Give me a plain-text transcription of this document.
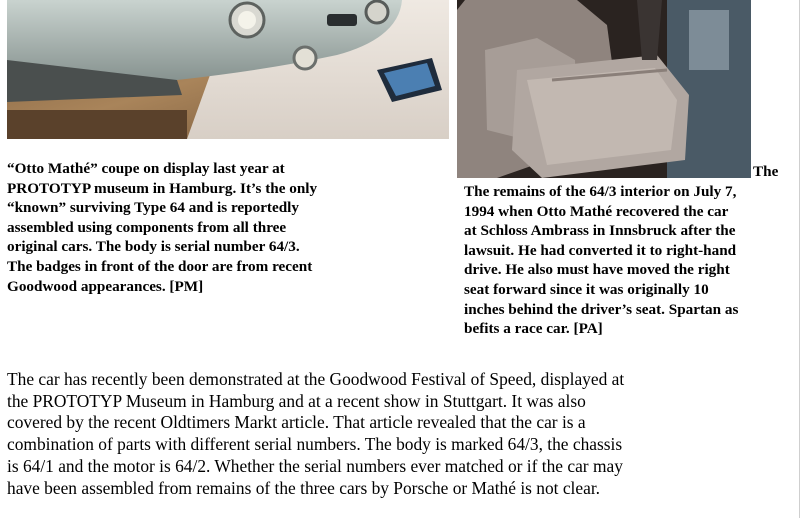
“Otto Mathé” coupe on display last year at
PROTOTYP museum in Hamburg. It’s the only
“known” surviving Type 64 and is reportedly
assembled using components from all three
original cars. The body is serial number 64/3.
The badges in front of the door are from recent
Goodwood appearances. [PM]
The
The remains of the 64/3 interior on July 7,
1994 when Otto Mathé recovered the car
at Schloss Ambrass in Innsbruck after the
lawsuit. He had converted it to right-hand
drive. He also must have moved the right
seat forward since it was originally 10
inches behind the driver’s seat. Spartan as
befits a race car. [PA]
The car has recently been demonstrated at the Goodwood Festival of Speed, displayed at
the PROTOTYP Museum in Hamburg and at a recent show in Stuttgart. It was also
covered by the recent Oldtimers Markt article. That article revealed that the car is a
combination of parts with different serial numbers. The body is marked 64/3, the chassis
is 64/1 and the motor is 64/2. Whether the serial numbers ever matched or if the car may
have been assembled from remains of the three cars by Porsche or Mathé is not clear.
